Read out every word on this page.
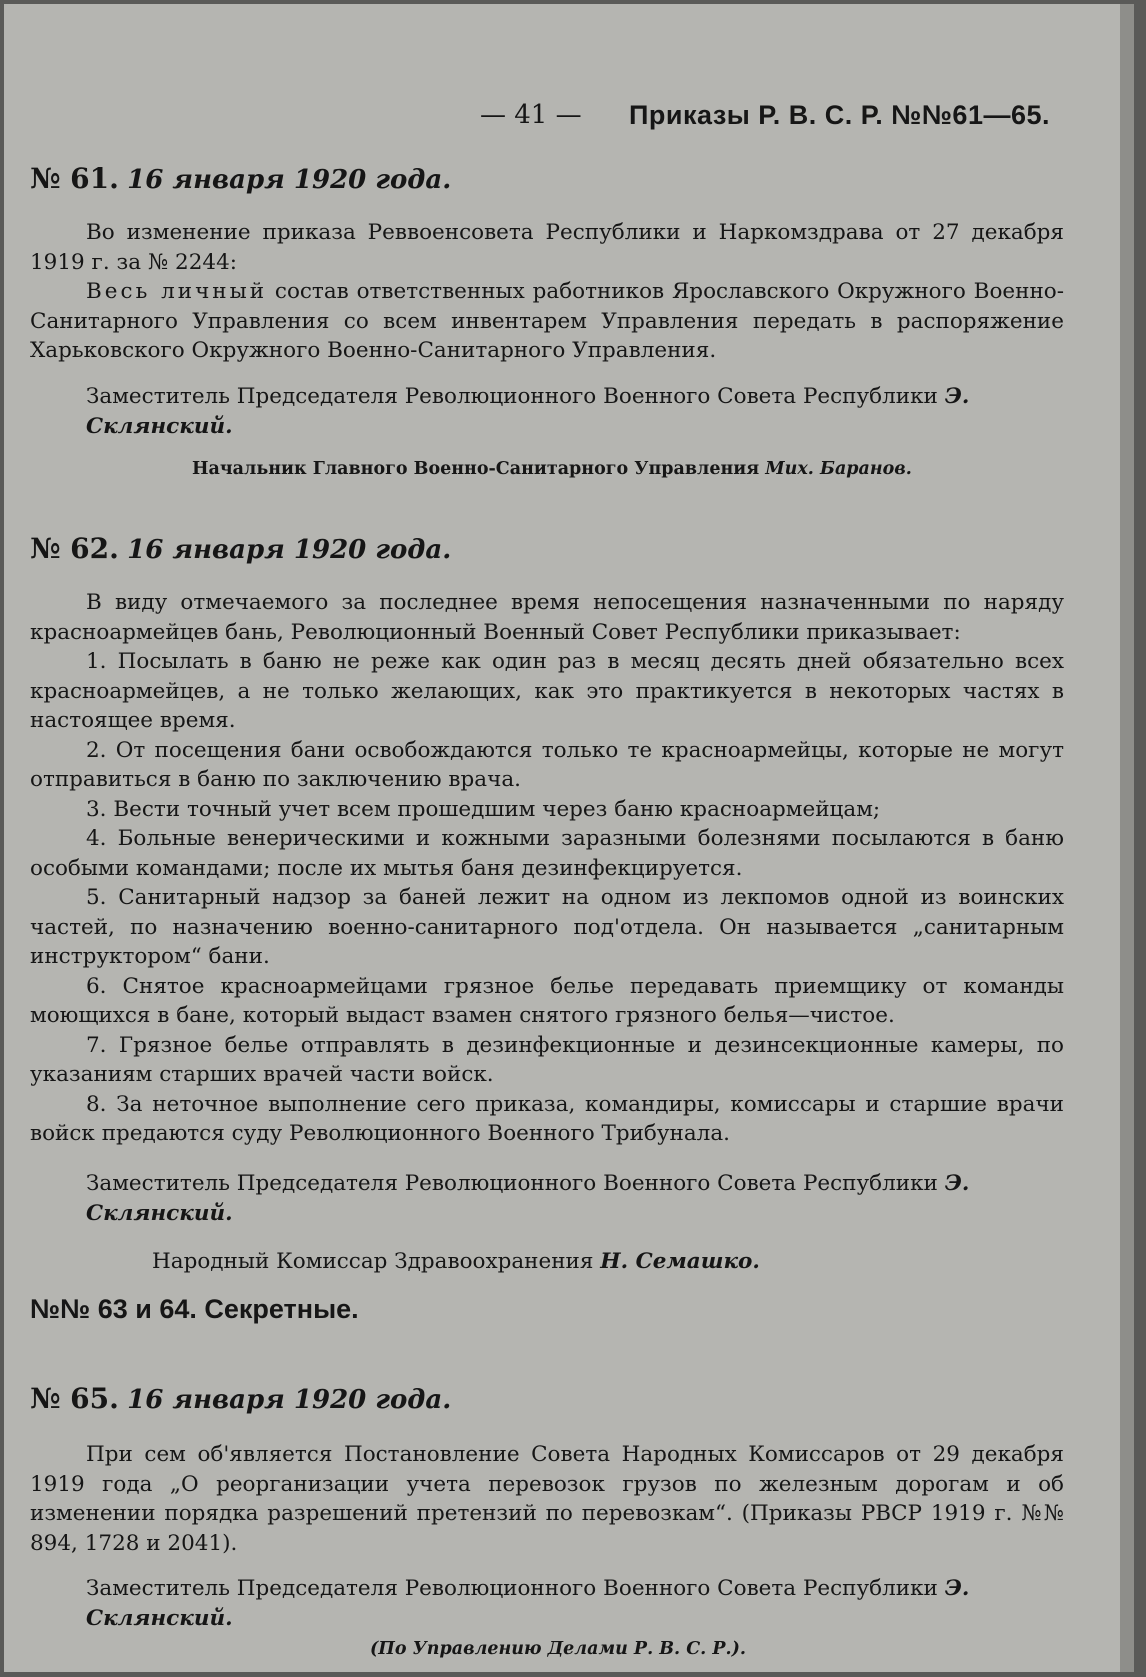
— 41 — Приказы Р. В. С. Р. №№61—65.

№ 61. 16 января 1920 года.

Во изменение приказа Реввоенсовета Республики и Наркомздрава от 27 декабря 1919 г. за № 2244:

Весь личный состав ответственных работников Ярославского Окружного Военно-Санитарного Управления со всем инвентарем Управления передать в распоряжение Харьковского Окружного Военно-Санитарного Управления.

Заместитель Председателя Революционного Военного Совета Республики Э. Склянский.

Начальник Главного Военно-Санитарного Управления Мих. Баранов.

№ 62. 16 января 1920 года.

В виду отмечаемого за последнее время непосещения назначенными по наряду красноармейцев бань, Революционный Военный Совет Республики приказывает:

1. Посылать в баню не реже как один раз в месяц десять дней обязательно всех красноармейцев, а не только желающих, как это практикуется в некоторых частях в настоящее время.

2. От посещения бани освобождаются только те красноармейцы, которые не могут отправиться в баню по заключению врача.

3. Вести точный учет всем прошедшим через баню красноармейцам;

4. Больные венерическими и кожными заразными болезнями посылаются в баню особыми командами; после их мытья баня дезинфекцируется.

5. Санитарный надзор за баней лежит на одном из лекпомов одной из воинских частей, по назначению военно-санитарного под'отдела. Он называется „санитарным инструктором“ бани.

6. Снятое красноармейцами грязное белье передавать приемщику от команды моющихся в бане, который выдаст взамен снятого грязного белья—чистое.

7. Грязное белье отправлять в дезинфекционные и дезинсекционные камеры, по указаниям старших врачей части войск.

8. За неточное выполнение сего приказа, командиры, комиссары и старшие врачи войск предаются суду Революционного Военного Трибунала.

Заместитель Председателя Революционного Военного Совета Республики Э. Склянский.

Народный Комиссар Здравоохранения Н. Семашко.

№№ 63 и 64. Секретные.

№ 65. 16 января 1920 года.

При сем об'является Постановление Совета Народных Комиссаров от 29 декабря 1919 года „О реорганизации учета перевозок грузов по железным дорогам и об изменении порядка разрешений претензий по перевозкам“. (Приказы РВСР 1919 г. №№ 894, 1728 и 2041).

Заместитель Председателя Революционного Военного Совета Республики Э. Склянский.

(По Управлению Делами Р. В. С. Р.).
